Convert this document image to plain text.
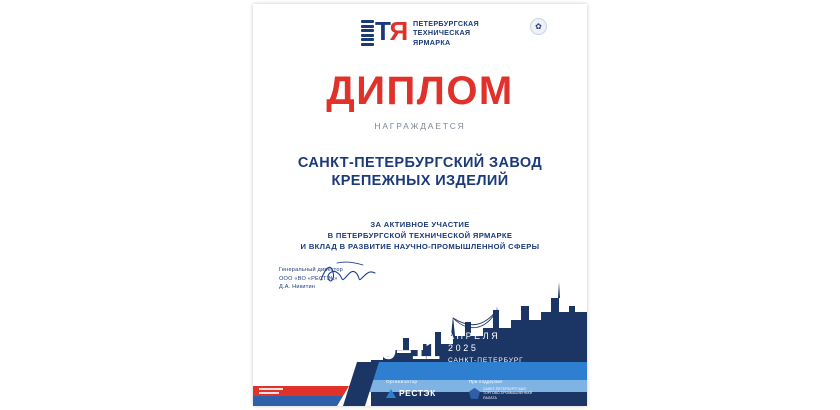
ТЯ ПЕТЕРБУРГСКАЯ
ТЕХНИЧЕСКАЯ
ЯРМАРКА
✿
ДИПЛОМ
НАГРАЖДАЕТСЯ
САНКТ-ПЕТЕРБУРГСКИЙ ЗАВОД
КРЕПЕЖНЫХ ИЗДЕЛИЙ
ЗА АКТИВНОЕ УЧАСТИЕ
В ПЕТЕРБУРГСКОЙ ТЕХНИЧЕСКОЙ ЯРМАРКЕ
И ВКЛАД В РАЗВИТИЕ НАУЧНО-ПРОМЫШЛЕННОЙ СФЕРЫ
Генеральный директор
ООО «ВО «РЕСТЭК»
Д.А. Никитин
9–11 АПРЕЛЯ
2025
САНКТ-ПЕТЕРБУРГ
Организатор
РЕСТЭК
При поддержке
САНКТ-ПЕТЕРБУРГСКАЯ
ТОРГОВО-ПРОМЫШЛЕННАЯ
ПАЛАТА
